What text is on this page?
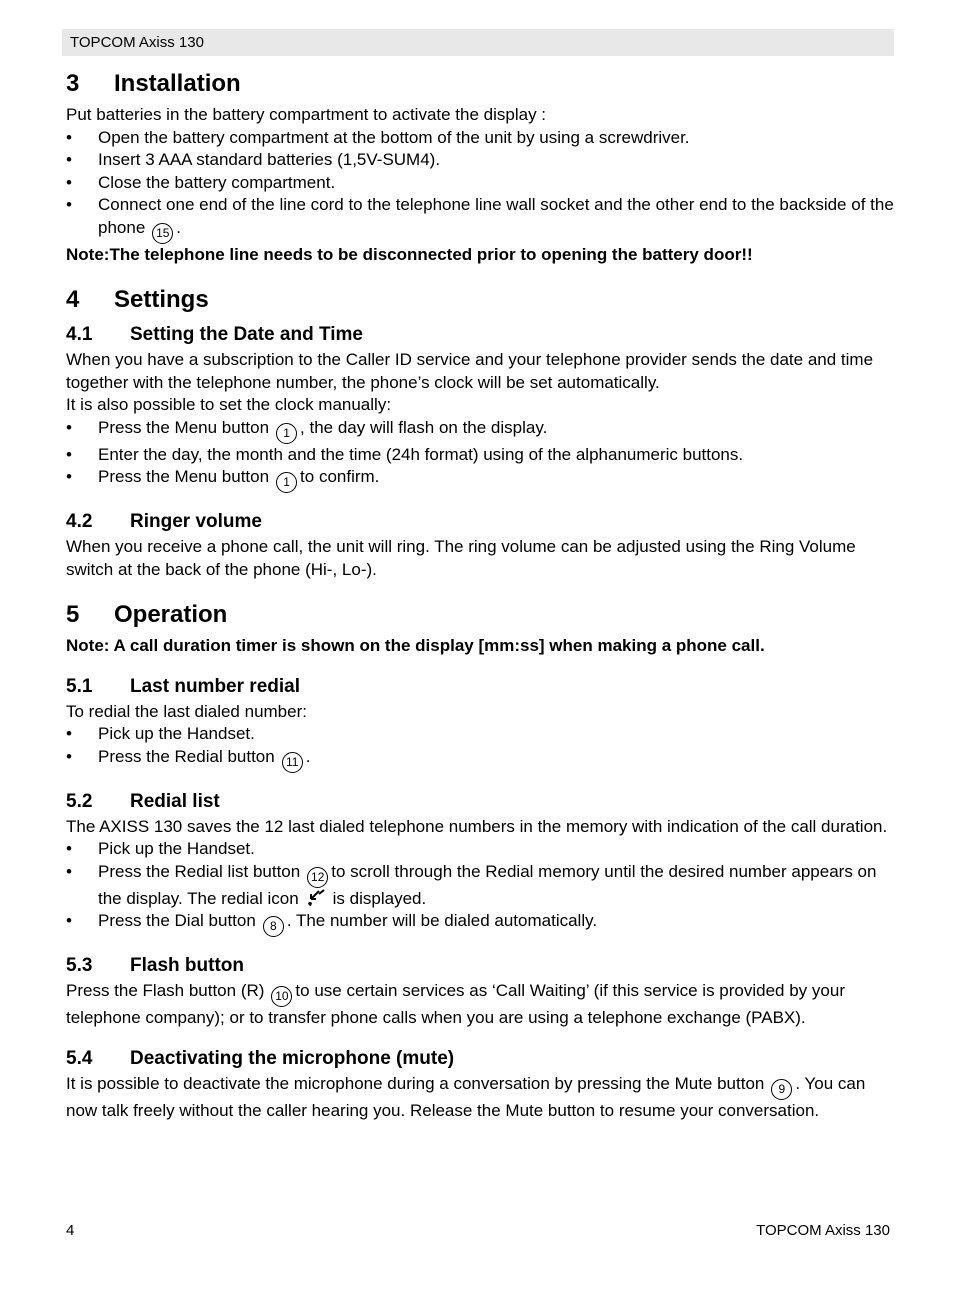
TOPCOM Axiss 130
3	Installation

Put batteries in the battery compartment to activate the display :

• Open the battery compartment at the bottom of the unit by using a screwdriver.
• Insert 3 AAA standard batteries (1,5V-SUM4).
• Close the battery compartment.
• Connect one end of the line cord to the telephone line wall socket and the other end to the backside of the phone 15 .

Note:The telephone line needs to be disconnected prior to opening the battery door!!

4	Settings
4.1	Setting the Date and Time

When you have a subscription to the Caller ID service and your telephone provider sends the date and time together with the telephone number, the phone’s clock will be set automatically.

It is also possible to set the clock manually:

• Press the Menu button 1 , the day will flash on the display.
• Enter the day, the month and the time (24h format) using of the alphanumeric buttons.
• Press the Menu button 1 to confirm.
4.2	Ringer volume

When you receive a phone call, the unit will ring. The ring volume can be adjusted using the Ring Volume switch at the back of the phone (Hi-, Lo-).

5	Operation

Note: A call duration timer is shown on the display [mm:ss] when making a phone call.

5.1	Last number redial

To redial the last dialed number:

• Pick up the Handset.
• Press the Redial button 11 .
5.2	Redial list

The AXISS 130 saves the 12 last dialed telephone numbers in the memory with indication of the call duration.

• Pick up the Handset.
• Press the Redial list button 12 to scroll through the Redial memory until the desired number appears on the display. The redial icon is displayed.
• Press the Dial button 8 . The number will be dialed automatically.
5.3	Flash button

Press the Flash button (R) 10 to use certain services as ‘Call Waiting’ (if this service is provided by your telephone company); or to transfer phone calls when you are using a telephone exchange (PABX).

5.4	Deactivating the microphone (mute)

It is possible to deactivate the microphone during a conversation by pressing the Mute button 9 . You can now talk freely without the caller hearing you. Release the Mute button to resume your conversation.

4	TOPCOM Axiss 130
